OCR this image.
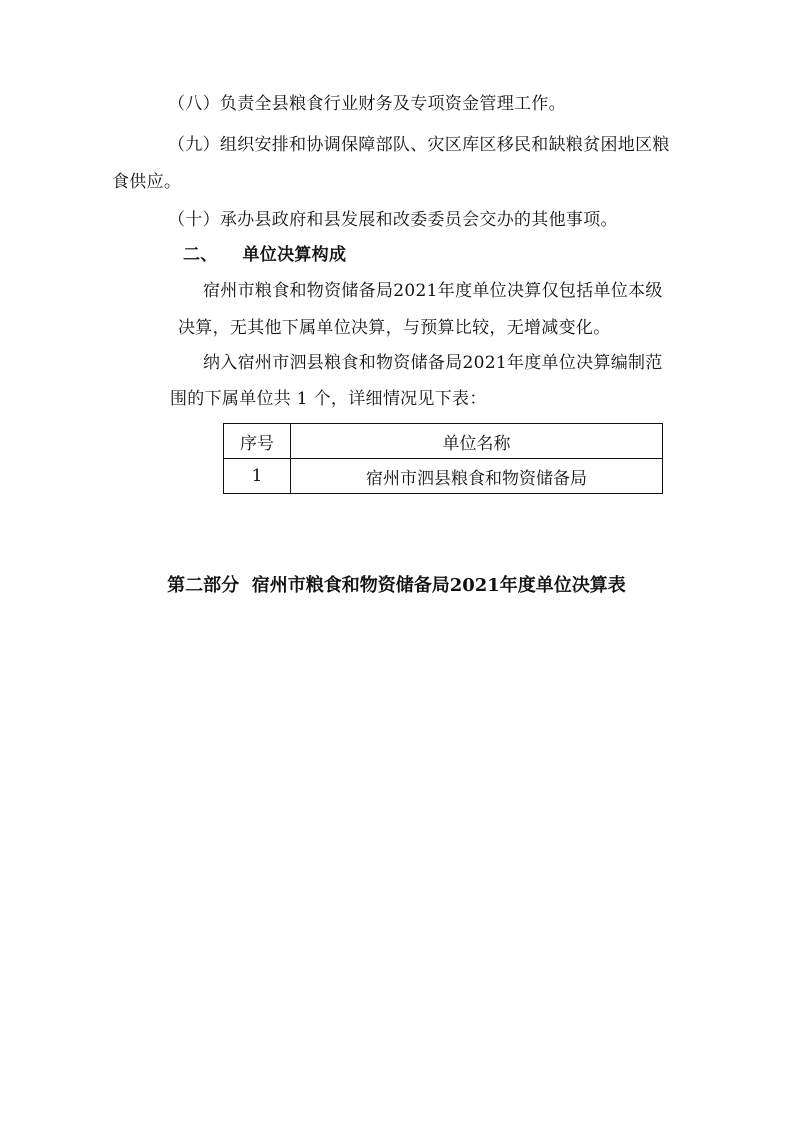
（八）负责全县粮食行业财务及专项资金管理工作。
（九）组织安排和协调保障部队、灾区库区移民和缺粮贫困地区粮
食供应。
（十）承办县政府和县发展和改委委员会交办的其他事项。
二、    单位决算构成
宿州市粮食和物资储备局2021年度单位决算仅包括单位本级
决算，无其他下属单位决算，与预算比较，无增减变化。
纳入宿州市泗县粮食和物资储备局2021年度单位决算编制范
围的下属单位共 1 个，详细情况见下表：
序号	单位名称
1	宿州市泗县粮食和物资储备局
第二部分  宿州市粮食和物资储备局2021年度单位决算表
